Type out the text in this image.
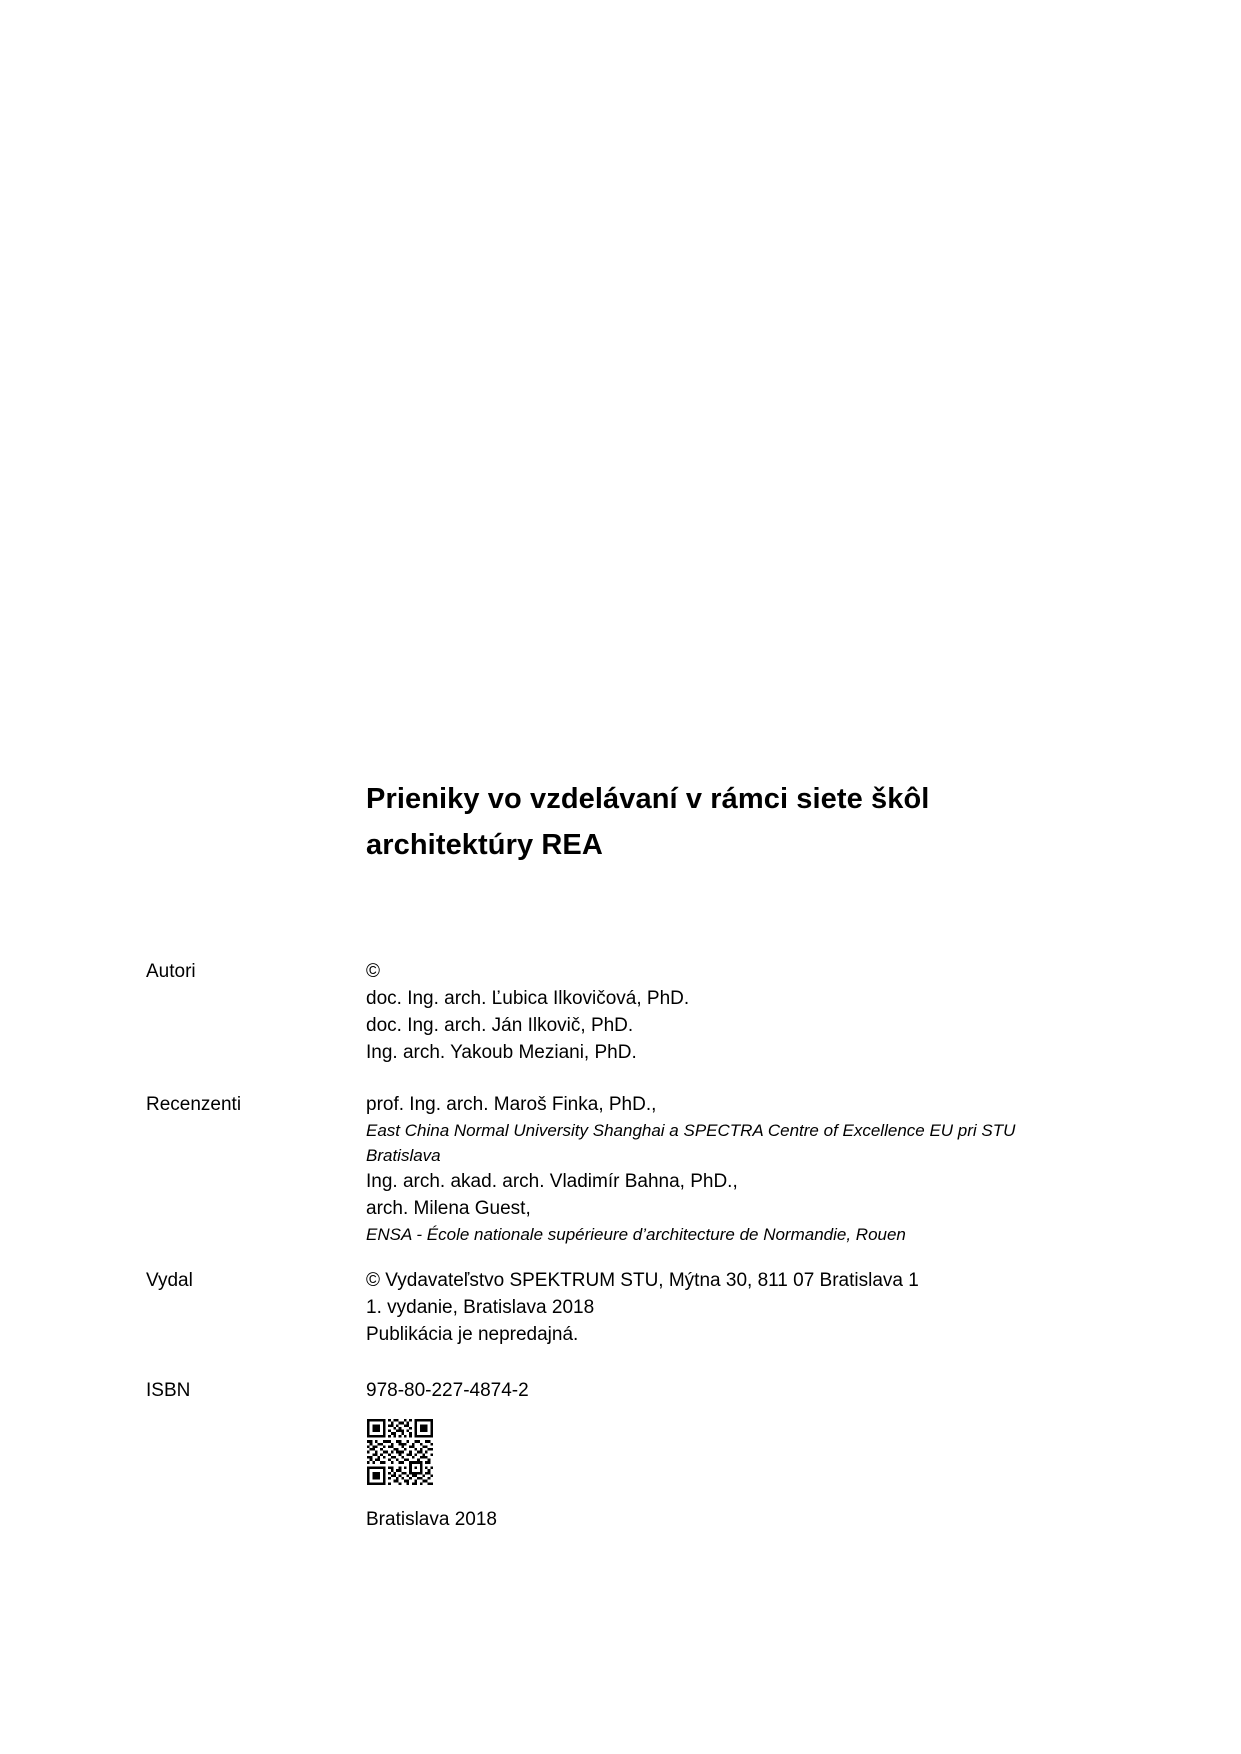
Prieniky vo vzdelávaní v rámci siete škôl
architektúry REA
Autori	©
doc. Ing. arch. Ľubica Ilkovičová, PhD.
doc. Ing. arch. Ján Ilkovič, PhD.
Ing. arch. Yakoub Meziani, PhD.
Recenzenti	prof. Ing. arch. Maroš Finka, PhD.,
East China Normal University Shanghai a SPECTRA Centre of Excellence EU pri STU Bratislava
Ing. arch. akad. arch. Vladimír Bahna, PhD.,
arch. Milena Guest,
ENSA - École nationale supérieure d’architecture de Normandie, Rouen
Vydal	© Vydavateľstvo SPEKTRUM STU, Mýtna 30, 811 07 Bratislava 1
1. vydanie, Bratislava 2018
Publikácia je nepredajná.
ISBN	978-80-227-4874-2
Bratislava 2018
